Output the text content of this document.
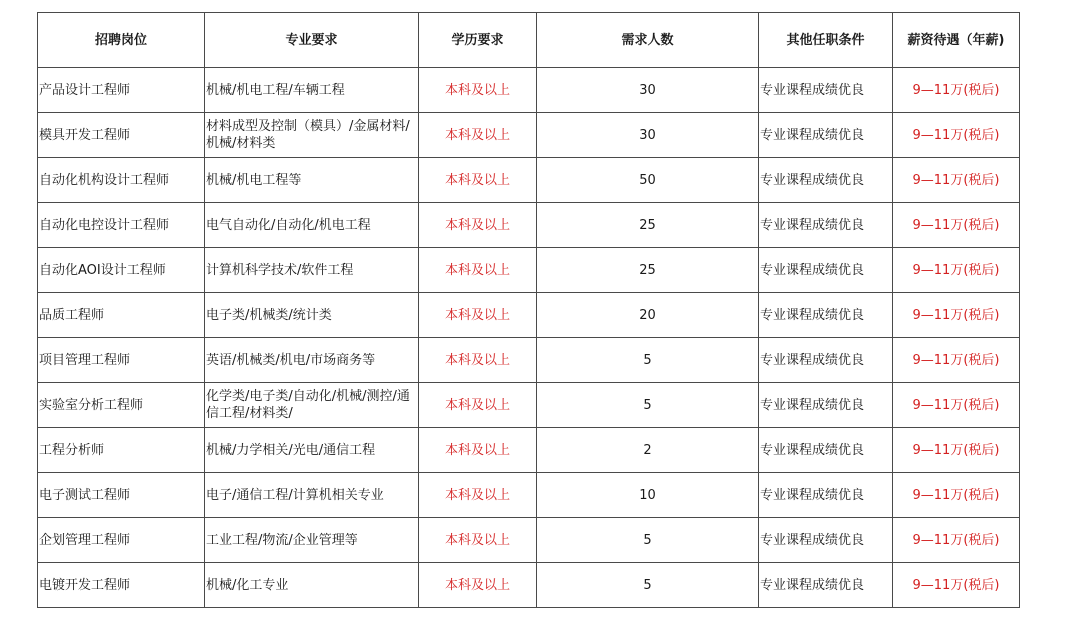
招聘岗位	专业要求	学历要求	需求人数	其他任职条件	薪资待遇（年薪)
产品设计工程师	机械/机电工程/车辆工程	本科及以上	30	专业课程成绩优良	9—11万(税后)
模具开发工程师	材料成型及控制（模具）/金属材料/机械/材料类	本科及以上	30	专业课程成绩优良	9—11万(税后)
自动化机构设计工程师	机械/机电工程等	本科及以上	50	专业课程成绩优良	9—11万(税后)
自动化电控设计工程师	电气自动化/自动化/机电工程	本科及以上	25	专业课程成绩优良	9—11万(税后)
自动化AOI设计工程师	计算机科学技术/软件工程	本科及以上	25	专业课程成绩优良	9—11万(税后)
品质工程师	电子类/机械类/统计类	本科及以上	20	专业课程成绩优良	9—11万(税后)
项目管理工程师	英语/机械类/机电/市场商务等	本科及以上	5	专业课程成绩优良	9—11万(税后)
实验室分析工程师	化学类/电子类/自动化/机械/测控/通信工程/材料类/	本科及以上	5	专业课程成绩优良	9—11万(税后)
工程分析师	机械/力学相关/光电/通信工程	本科及以上	2	专业课程成绩优良	9—11万(税后)
电子测试工程师	电子/通信工程/计算机相关专业	本科及以上	10	专业课程成绩优良	9—11万(税后)
企划管理工程师	工业工程/物流/企业管理等	本科及以上	5	专业课程成绩优良	9—11万(税后)
电镀开发工程师	机械/化工专业	本科及以上	5	专业课程成绩优良	9—11万(税后)
